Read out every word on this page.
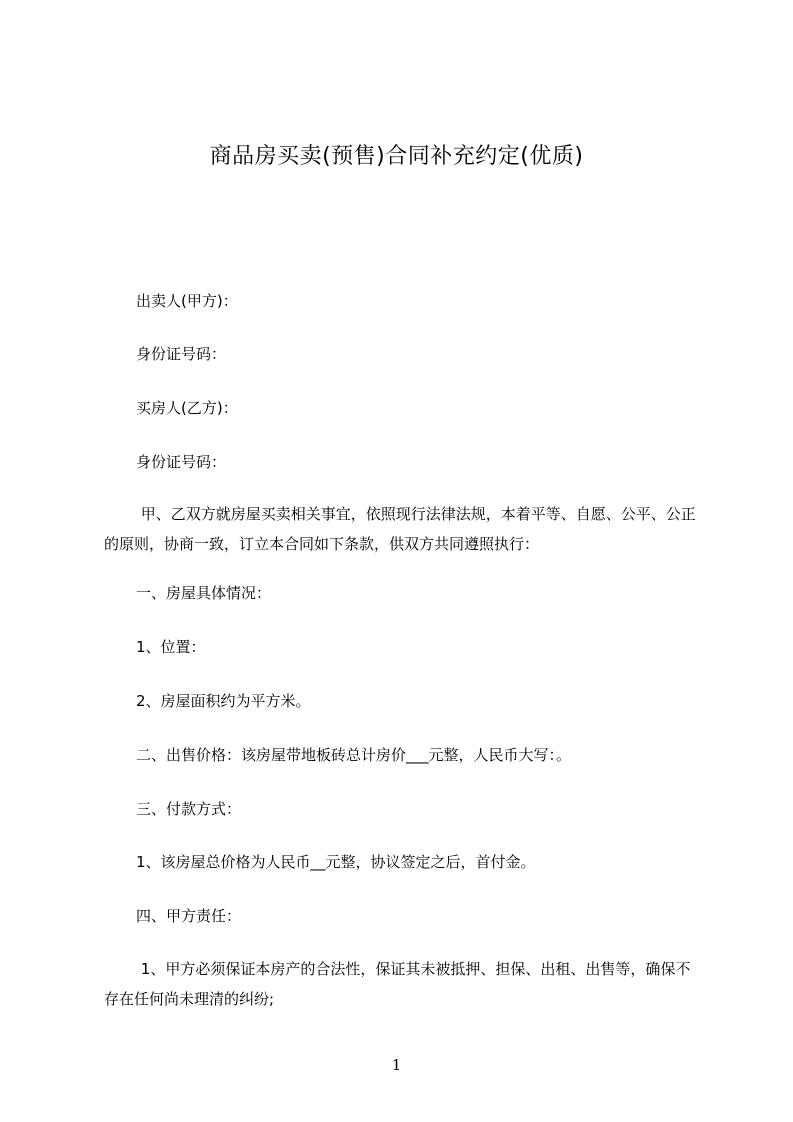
商品房买卖(预售)合同补充约定(优质)

出卖人(甲方)：

身份证号码：

买房人(乙方)：

身份证号码：

甲、乙双方就房屋买卖相关事宜，依照现行法律法规，本着平等、自愿、公平、公正的原则，协商一致，订立本合同如下条款，供双方共同遵照执行：

一、房屋具体情况：

1、位置：

2、房屋面积约为平方米。

二、出售价格：该房屋带地板砖总计房价___元整，人民币大写：。

三、付款方式：

1、该房屋总价格为人民币__元整，协议签定之后，首付金。

四、甲方责任：

1、甲方必须保证本房产的合法性，保证其未被抵押、担保、出租、出售等，确保不存在任何尚未理清的纠纷;

1
